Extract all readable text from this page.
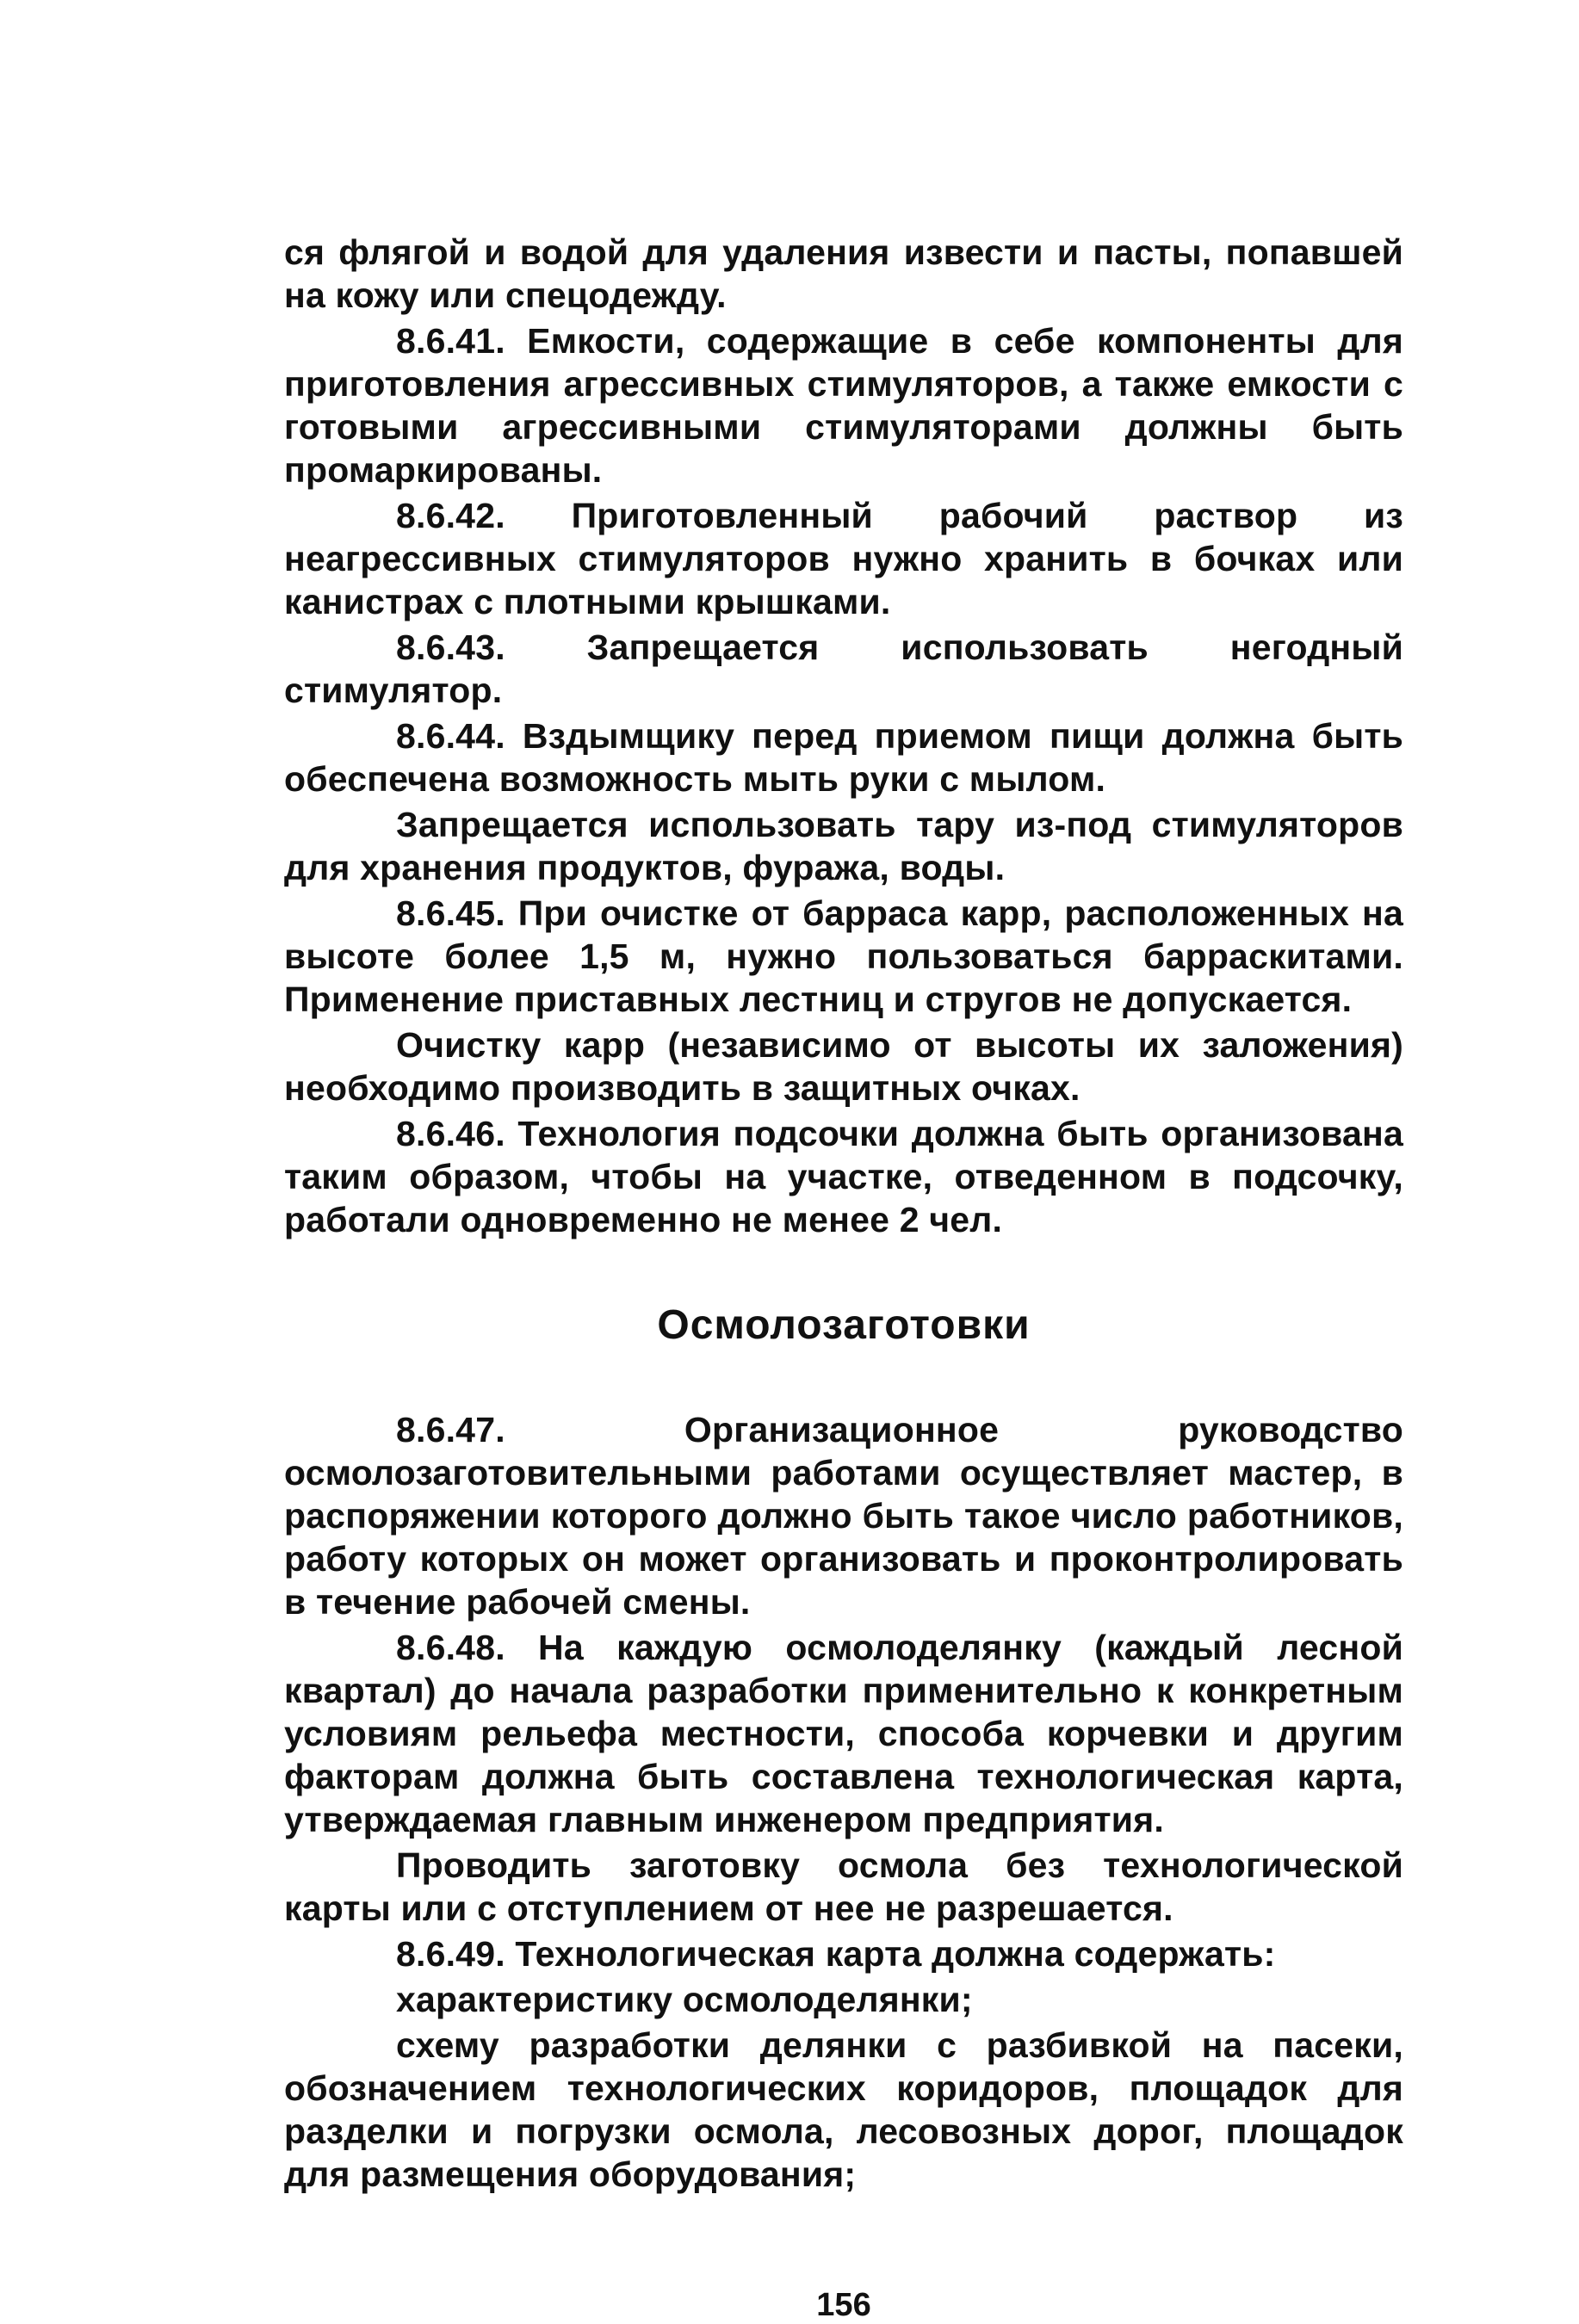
ся флягой и водой для удаления извести и пасты, попавшей на кожу или спецодежду.

8.6.41. Емкости, содержащие в себе компоненты для приготовления агрессивных стимуляторов, а также емкости с готовыми агрессивными стимуляторами должны быть промаркированы.

8.6.42. Приготовленный рабочий раствор из неагрессивных стимуляторов нужно хранить в бочках или канистрах с плотными крышками.

8.6.43. Запрещается использовать негодный стимулятор.

8.6.44. Вздымщику перед приемом пищи должна быть обеспечена возможность мыть руки с мылом.

Запрещается использовать тару из-под стимуляторов для хранения продуктов, фуража, воды.

8.6.45. При очистке от барраса карр, расположенных на высоте более 1,5 м, нужно пользоваться барраскитами. Применение приставных лестниц и стругов не допускается.

Очистку карр (независимо от высоты их заложения) необходимо производить в защитных очках.

8.6.46. Технология подсочки должна быть организована таким образом, чтобы на участке, отведенном в подсочку, работали одновременно не менее 2 чел.

Осмолозаготовки

8.6.47. Организационное руководство осмолозаготовительными работами осуществляет мастер, в распоряжении которого должно быть такое число работников, работу которых он может организовать и проконтролировать в течение рабочей смены.

8.6.48. На каждую осмолоделянку (каждый лесной квартал) до начала разработки применительно к конкретным условиям рельефа местности, способа корчевки и другим факторам должна быть составлена технологическая карта, утверждаемая главным инженером предприятия.

Проводить заготовку осмола без технологической карты или с отступлением от нее не разрешается.

8.6.49. Технологическая карта должна содержать:

характеристику осмолоделянки;

схему разработки делянки с разбивкой на пасеки, обозначением технологических коридоров, площадок для разделки и погрузки осмола, лесовозных дорог, площадок для размещения оборудования;

156
